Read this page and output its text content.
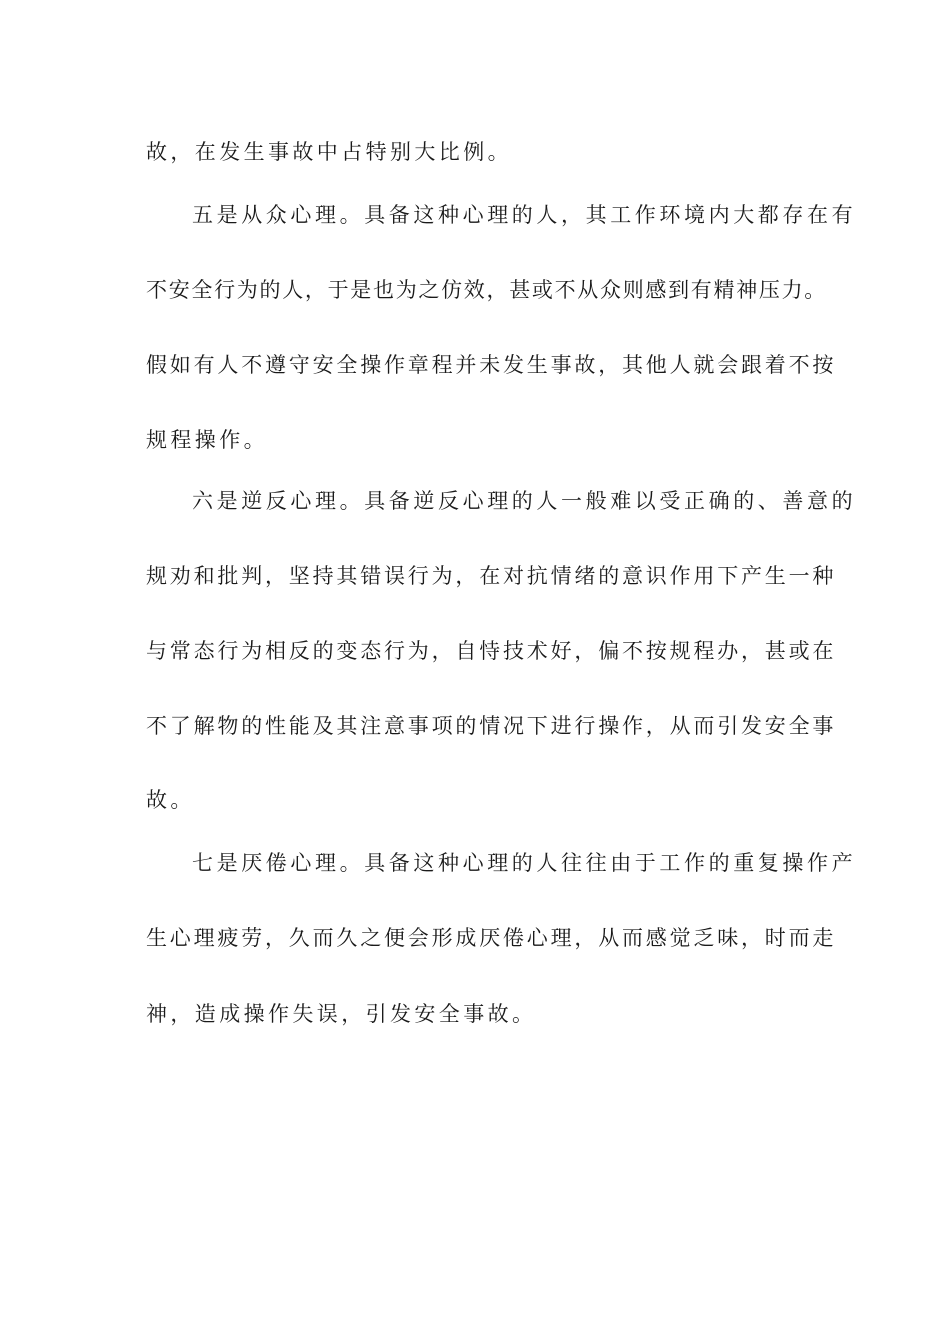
故，在发生事故中占特别大比例。
五是从众心理。具备这种心理的人，其工作环境内大都存在有
不安全行为的人，于是也为之仿效，甚或不从众则感到有精神压力。
假如有人不遵守安全操作章程并未发生事故，其他人就会跟着不按
规程操作。
六是逆反心理。具备逆反心理的人一般难以受正确的、善意的
规劝和批判，坚持其错误行为，在对抗情绪的意识作用下产生一种
与常态行为相反的变态行为，自恃技术好，偏不按规程办，甚或在
不了解物的性能及其注意事项的情况下进行操作，从而引发安全事
故。
七是厌倦心理。具备这种心理的人往往由于工作的重复操作产
生心理疲劳，久而久之便会形成厌倦心理，从而感觉乏味，时而走
神，造成操作失误，引发安全事故。
